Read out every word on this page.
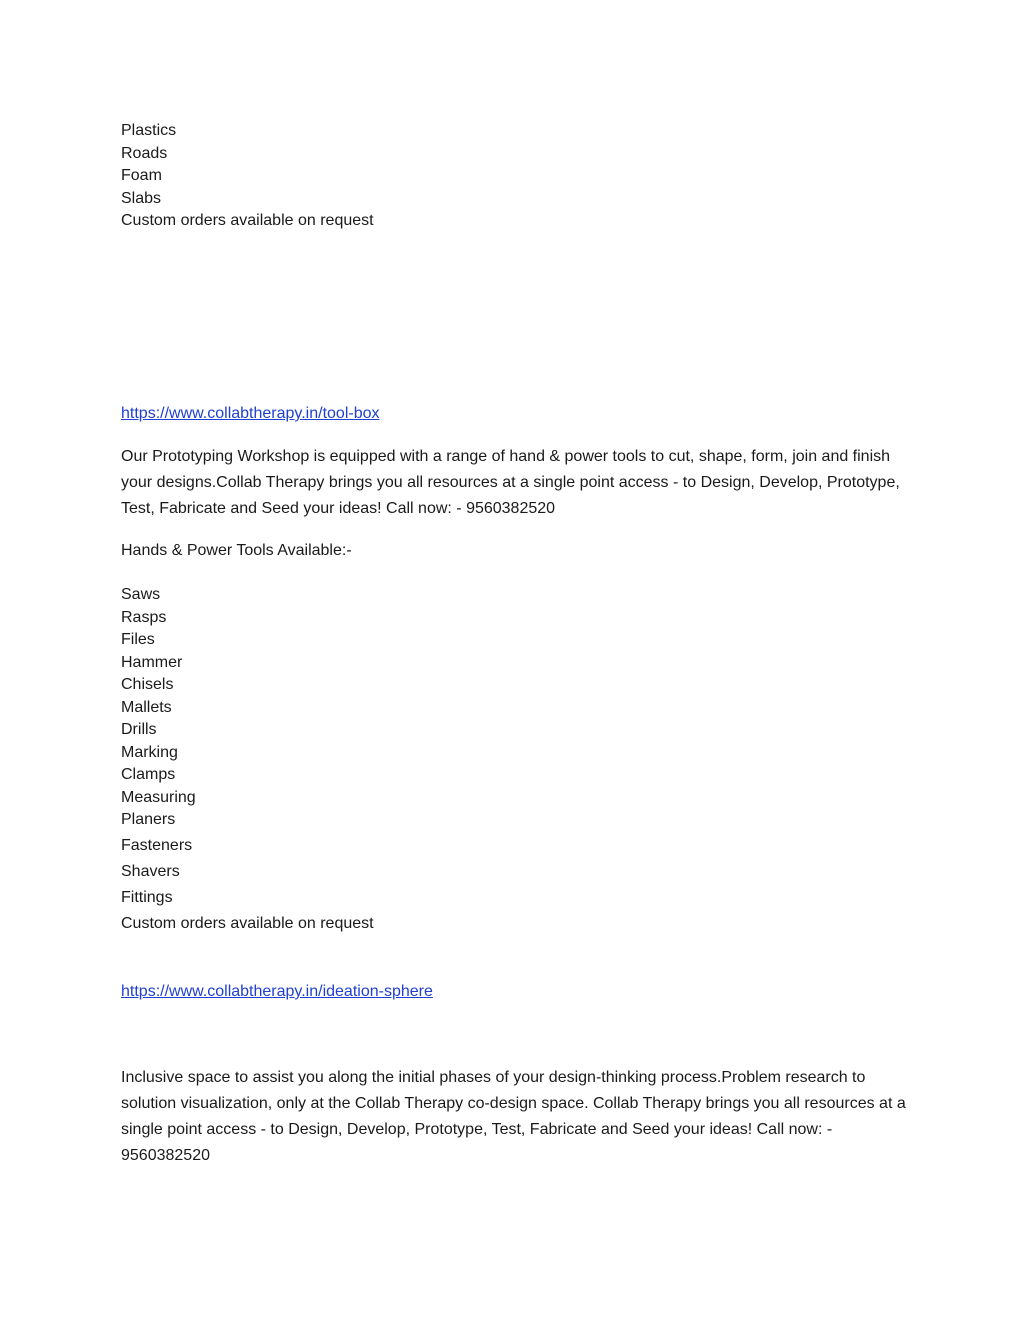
Plastics
Roads
Foam
Slabs
Custom orders available on request
https://www.collabtherapy.in/tool-box

Our Prototyping Workshop is equipped with a range of hand & power tools to cut, shape, form, join and finish your designs.Collab Therapy brings you all resources at a single point access - to Design, Develop, Prototype, Test, Fabricate and Seed your ideas! Call now: - 9560382520

Hands & Power Tools Available:-

Saws
Rasps
Files
Hammer
Chisels
Mallets
Drills
Marking
Clamps
Measuring
Planers
Fasteners
Shavers
Fittings
Custom orders available on request
https://www.collabtherapy.in/ideation-sphere

Inclusive space to assist you along the initial phases of your design-thinking process.Problem research to solution visualization, only at the Collab Therapy co-design space. Collab Therapy brings you all resources at a single point access - to Design, Develop, Prototype, Test, Fabricate and Seed your ideas! Call now: - 9560382520
